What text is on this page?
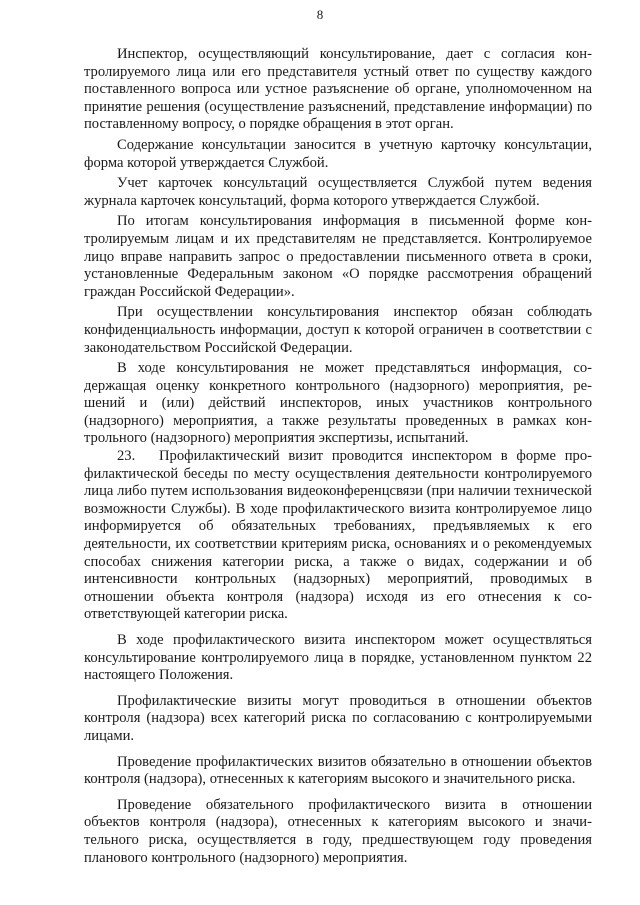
8

Инспектор, осуществляющий консультирование, дает с согласия контролируемого лица или его представителя устный ответ по существу каждого поставленного вопроса или устное разъяснение об органе, уполномоченном на принятие решения (осуществление разъяснений, представление информации) по поставленному вопросу, о порядке обращения в этот орган.

Содержание консультации заносится в учетную карточку консультации, форма которой утверждается Службой.

Учет карточек консультаций осуществляется Службой путем ведения журнала карточек консультаций, форма которого утверждается Службой.

По итогам консультирования информация в письменной форме контролируемым лицам и их представителям не представляется. Контролируемое лицо вправе направить запрос о предоставлении письменного ответа в сроки, установленные Федеральным законом «О порядке рассмотрения обращений граждан Российской Федерации».

При осуществлении консультирования инспектор обязан соблюдать конфиденциальность информации, доступ к которой ограничен в соответствии с законодательством Российской Федерации.

В ходе консультирования не может представляться информация, содержащая оценку конкретного контрольного (надзорного) мероприятия, решений и (или) действий инспекторов, иных участников контрольного (надзорного) мероприятия, а также результаты проведенных в рамках контрольного (надзорного) мероприятия экспертизы, испытаний.

23. Профилактический визит проводится инспектором в форме профилактической беседы по месту осуществления деятельности контролируемого лица либо путем использования видеоконференцсвязи (при наличии технической возможности Службы). В ходе профилактического визита контролируемое лицо информируется об обязательных требованиях, предъявляемых к его деятельности, их соответствии критериям риска, основаниях и о рекомендуемых способах снижения категории риска, а также о видах, содержании и об интенсивности контрольных (надзорных) мероприятий, проводимых в отношении объекта контроля (надзора) исходя из его отнесения к соответствующей категории риска.

В ходе профилактического визита инспектором может осуществляться консультирование контролируемого лица в порядке, установленном пунктом 22 настоящего Положения.

Профилактические визиты могут проводиться в отношении объектов контроля (надзора) всех категорий риска по согласованию с контролируемыми лицами.

Проведение профилактических визитов обязательно в отношении объектов контроля (надзора), отнесенных к категориям высокого и значительного риска.

Проведение обязательного профилактического визита в отношении объектов контроля (надзора), отнесенных к категориям высокого и значительного риска, осуществляется в году, предшествующем году проведения планового контрольного (надзорного) мероприятия.
